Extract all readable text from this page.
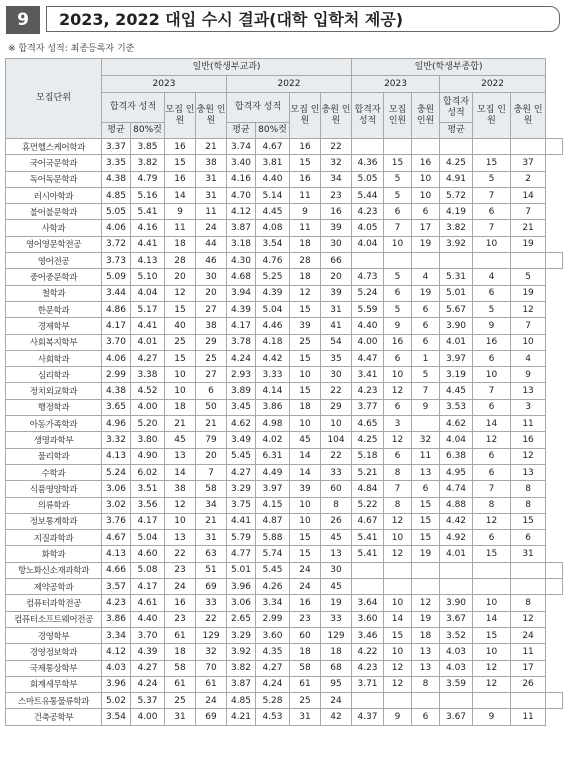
9	2023, 2022 대입 수시 결과(대학 입학처 제공)
※ 합격자 성적: 최종등록자 기준
모집단위	일반(학생부교과)								일반(학생부종합)						
	2023				2022				2023			2022			
	합격자 성적		모집 인원	충원 인원	합격자 성적		모집 인원	충원 인원	합격자 성적	모집 인원	충원 인원	합격자 성적	모집 인원	충원 인원	
	평균	80%컷			평균	80%컷						평균			
휴먼헬스케어학과	3.37	3.85	16	21	3.74	4.67	16	22							
국어국문학과	3.35	3.82	15	38	3.40	3.81	15	32	4.36	15	16	4.25	15	37	
독어독문학과	4.38	4.79	16	31	4.16	4.40	16	34	5.05	5	10	4.91	5	2	
러시아학과	4.85	5.16	14	31	4.70	5.14	11	23	5.44	5	10	5.72	7	14	
불어불문학과	5.05	5.41	9	11	4.12	4.45	9	16	4.23	6	6	4.19	6	7	
사학과	4.06	4.16	11	24	3.87	4.08	11	39	4.05	7	17	3.82	7	21	
영어영문학전공	3.72	4.41	18	44	3.18	3.54	18	30	4.04	10	19	3.92	10	19	
영어전공	3.73	4.13	28	46	4.30	4.76	28	66							
중어중문학과	5.09	5.10	20	30	4.68	5.25	18	20	4.73	5	4	5.31	4	5	
철학과	3.44	4.04	12	20	3.94	4.39	12	39	5.24	6	19	5.01	6	19	
한문학과	4.86	5.17	15	27	4.39	5.04	15	31	5.59	5	6	5.67	5	12	
경제학부	4.17	4.41	40	38	4.17	4.46	39	41	4.40	9	6	3.90	9	7	
사회복지학부	3.70	4.01	25	29	3.78	4.18	25	54	4.00	16	6	4.01	16	10	
사회학과	4.06	4.27	15	25	4.24	4.42	15	35	4.47	6	1	3.97	6	4	
심리학과	2.99	3.38	10	27	2.93	3.33	10	30	3.41	10	5	3.19	10	9	
정치외교학과	4.38	4.52	10	6	3.89	4.14	15	22	4.23	12	7	4.45	7	13	
행정학과	3.65	4.00	18	50	3.45	3.86	18	29	3.77	6	9	3.53	6	3	
아동가족학과	4.96	5.20	21	21	4.62	4.98	10	10	4.65	3		4.62	14	11	
생명과학부	3.32	3.80	45	79	3.49	4.02	45	104	4.25	12	32	4.04	12	16	
물리학과	4.13	4.90	13	20	5.45	6.31	14	22	5.18	6	11	6.38	6	12	
수학과	5.24	6.02	14	7	4.27	4.49	14	33	5.21	8	13	4.95	6	13	
식품영양학과	3.06	3.51	38	58	3.29	3.97	39	60	4.84	7	6	4.74	7	8	
의류학과	3.02	3.56	12	34	3.75	4.15	10	8	5.22	8	15	4.88	8	8	
정보통계학과	3.76	4.17	10	21	4.41	4.87	10	26	4.67	12	15	4.42	12	15	
지질과학과	4.67	5.04	13	31	5.79	5.88	15	45	5.41	10	15	4.92	6	6	
화학과	4.13	4.60	22	63	4.77	5.74	15	13	5.41	12	19	4.01	15	31	
항노화신소재과학과	4.66	5.08	23	51	5.01	5.45	24	30							
제약공학과	3.57	4.17	24	69	3.96	4.26	24	45							
컴퓨터과학전공	4.23	4.61	16	33	3.06	3.34	16	19	3.64	10	12	3.90	10	8	
컴퓨터소프트웨어전공	3.86	4.40	23	22	2.65	2.99	23	33	3.60	14	19	3.67	14	12	
경영학부	3.34	3.70	61	129	3.29	3.60	60	129	3.46	15	18	3.52	15	24	
경영정보학과	4.12	4.39	18	32	3.92	4.35	18	18	4.22	10	13	4.03	10	11	
국제통상학부	4.03	4.27	58	70	3.82	4.27	58	68	4.23	12	13	4.03	12	17	
회계세무학부	3.96	4.24	61	61	3.87	4.24	61	95	3.71	12	8	3.59	12	26	
스마트유통물류학과	5.02	5.37	25	24	4.85	5.28	25	24							
건축공학부	3.54	4.00	31	69	4.21	4.53	31	42	4.37	9	6	3.67	9	11	
